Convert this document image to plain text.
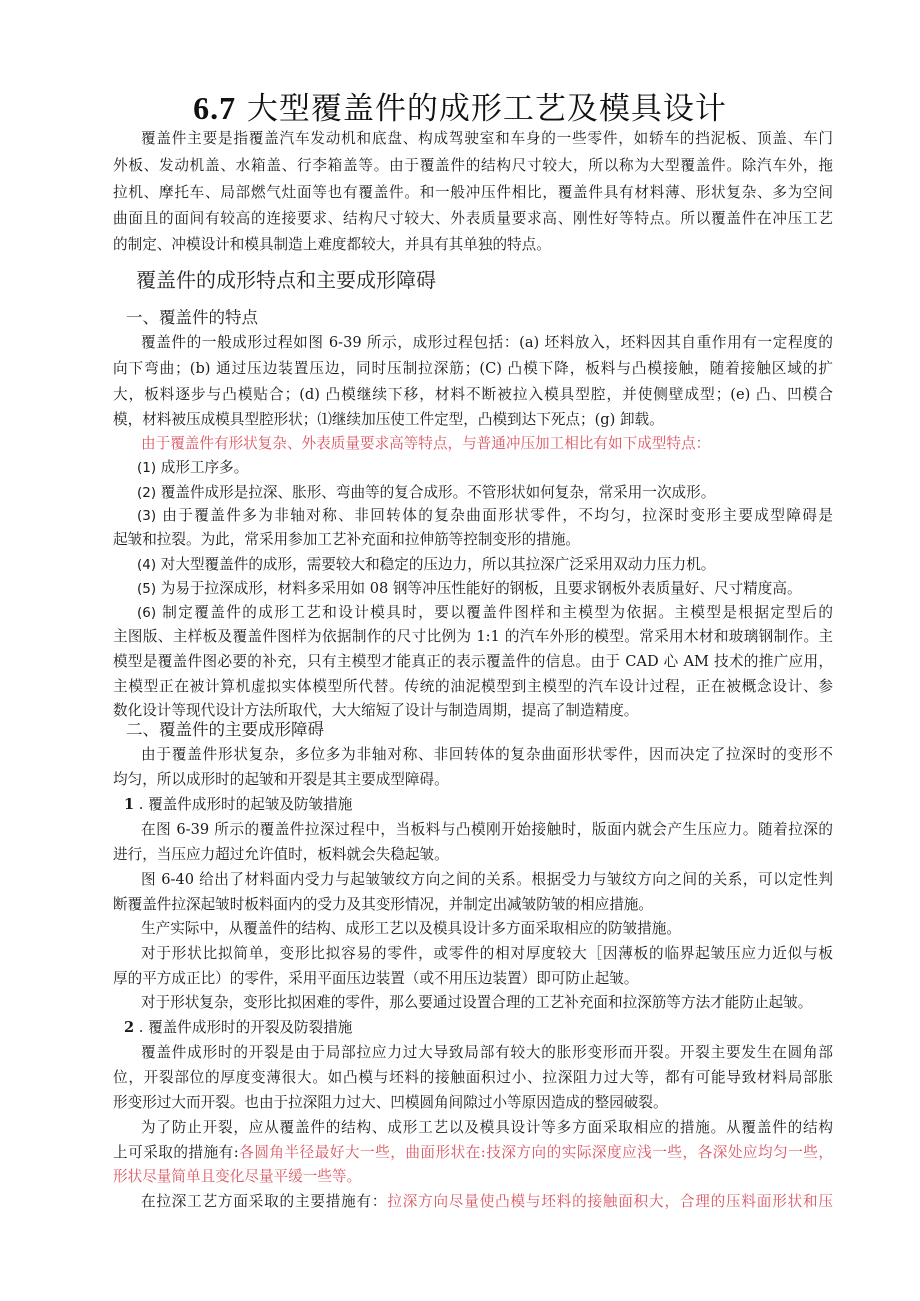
6.7 大型覆盖件的成形工艺及模具设计
覆盖件主要是指覆盖汽车发动机和底盘、构成驾驶室和车身的一些零件，如轿车的挡泥板、顶盖、车门
外板、发动机盖、水箱盖、行李箱盖等。由于覆盖件的结构尺寸较大，所以称为大型覆盖件。除汽车外，拖
拉机、摩托车、局部燃气灶面等也有覆盖件。和一般冲压件相比，覆盖件具有材料薄、形状复杂、多为空间
曲面且的面间有较高的连接要求、结构尺寸较大、外表质量要求高、刚性好等特点。所以覆盖件在冲压工艺
的制定、冲模设计和模具制造上难度都较大，并具有其单独的特点。
覆盖件的成形特点和主要成形障碍
一、覆盖件的特点
覆盖件的一般成形过程如图 6-39 所示，成形过程包括：(a) 坯料放入，坯料因其自重作用有一定程度的
向下弯曲；(b) 通过压边装置压边，同时压制拉深筋；(C) 凸模下降，板料与凸模接触，随着接触区域的扩
大，板料逐步与凸模贴合；(d) 凸模继续下移，材料不断被拉入模具型腔，并使侧壁成型；(e) 凸、凹模合
模，材料被压成模具型腔形状；⑴继续加压使工件定型，凸模到达下死点；(g) 卸载。
由于覆盖件有形状复杂、外表质量要求高等特点，与普通冲压加工相比有如下成型特点：
(1) 成形工序多。
(2) 覆盖件成形是拉深、胀形、弯曲等的复合成形。不管形状如何复杂，常采用一次成形。
(3) 由于覆盖件多为非轴对称、非回转体的复杂曲面形状零件，不均匀，拉深时变形主要成型障碍是
起皱和拉裂。为此，常采用参加工艺补充面和拉伸筋等控制变形的措施。
(4) 对大型覆盖件的成形，需要较大和稳定的压边力，所以其拉深广泛采用双动力压力机。
(5) 为易于拉深成形，材料多采用如 08 钢等冲压性能好的钢板，且要求钢板外表质量好、尺寸精度高。
(6) 制定覆盖件的成形工艺和设计模具时，要以覆盖件图样和主模型为依据。主模型是根据定型后的
主图版、主样板及覆盖件图样为依据制作的尺寸比例为 1:1 的汽车外形的模型。常采用木材和玻璃钢制作。主
模型是覆盖件图必要的补充，只有主模型才能真正的表示覆盖件的信息。由于 CAD 心 AM 技术的推广应用，
主模型正在被计算机虚拟实体模型所代替。传统的油泥模型到主模型的汽车设计过程，正在被概念设计、参
数化设计等现代设计方法所取代，大大缩短了设计与制造周期，提高了制造精度。
二、覆盖件的主要成形障碍
由于覆盖件形状复杂，多位多为非轴对称、非回转体的复杂曲面形状零件，因而决定了拉深时的变形不
均匀，所以成形时的起皱和开裂是其主要成型障碍。
1 . 覆盖件成形时的起皱及防皱措施
在图 6-39 所示的覆盖件拉深过程中，当板料与凸模刚开始接触时，版面内就会产生压应力。随着拉深的
进行，当压应力超过允许值时，板料就会失稳起皱。
图 6-40 给出了材料面内受力与起皱皱纹方向之间的关系。根据受力与皱纹方向之间的关系，可以定性判
断覆盖件拉深起皱时板料面内的受力及其变形情况，并制定出减皱防皱的相应措施。
生产实际中，从覆盖件的结构、成形工艺以及模具设计多方面采取相应的防皱措施。
对于形状比拟简单，变形比拟容易的零件，或零件的相对厚度较大［因薄板的临界起皱压应力近似与板
厚的平方成正比）的零件，采用平面压边装置（或不用压边装置）即可防止起皱。
对于形状复杂，变形比拟困难的零件，那么要通过设置合理的工艺补充面和拉深筋等方法才能防止起皱。
2 . 覆盖件成形时的开裂及防裂措施
覆盖件成形时的开裂是由于局部拉应力过大导致局部有较大的胀形变形而开裂。开裂主要发生在圆角部
位，开裂部位的厚度变薄很大。如凸模与坯料的接触面积过小、拉深阻力过大等，都有可能导致材料局部胀
形变形过大而开裂。也由于拉深阻力过大、凹模圆角间隙过小等原因造成的整园破裂。
为了防止开裂，应从覆盖件的结构、成形工艺以及模具设计等多方面采取相应的措施。从覆盖件的结构
上可采取的措施有:各圆角半径最好大一些，曲面形状在:技深方向的实际深度应浅一些，各深处应均匀一些，
形状尽量简单且变化尽量平缓一些等。
在拉深工艺方面采取的主要措施有：拉深方向尽量使凸模与坯料的接触面积大，合理的压料面形状和压
